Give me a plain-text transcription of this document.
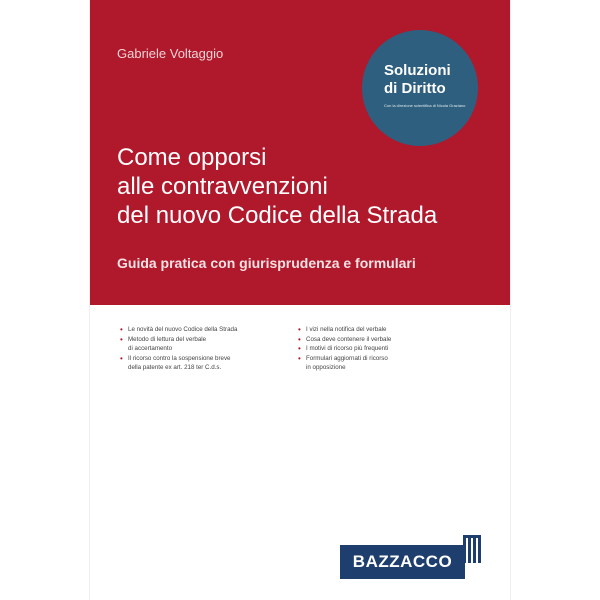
Gabriele Voltaggio
Soluzioni
di Diritto
Con la direzione scientifica di Nicola Graziano
Come opporsi
alle contravvenzioni
del nuovo Codice della Strada
Guida pratica con giurisprudenza e formulari
• Le novità del nuovo Codice della Strada
• Metodo di lettura del verbale
di accertamento
• Il ricorso contro la sospensione breve
della patente ex art. 218 ter C.d.s.
• I vizi nella notifica del verbale
• Cosa deve contenere il verbale
• I motivi di ricorso più frequenti
• Formulari aggiornati di ricorso
in opposizione
BAZZACCO
